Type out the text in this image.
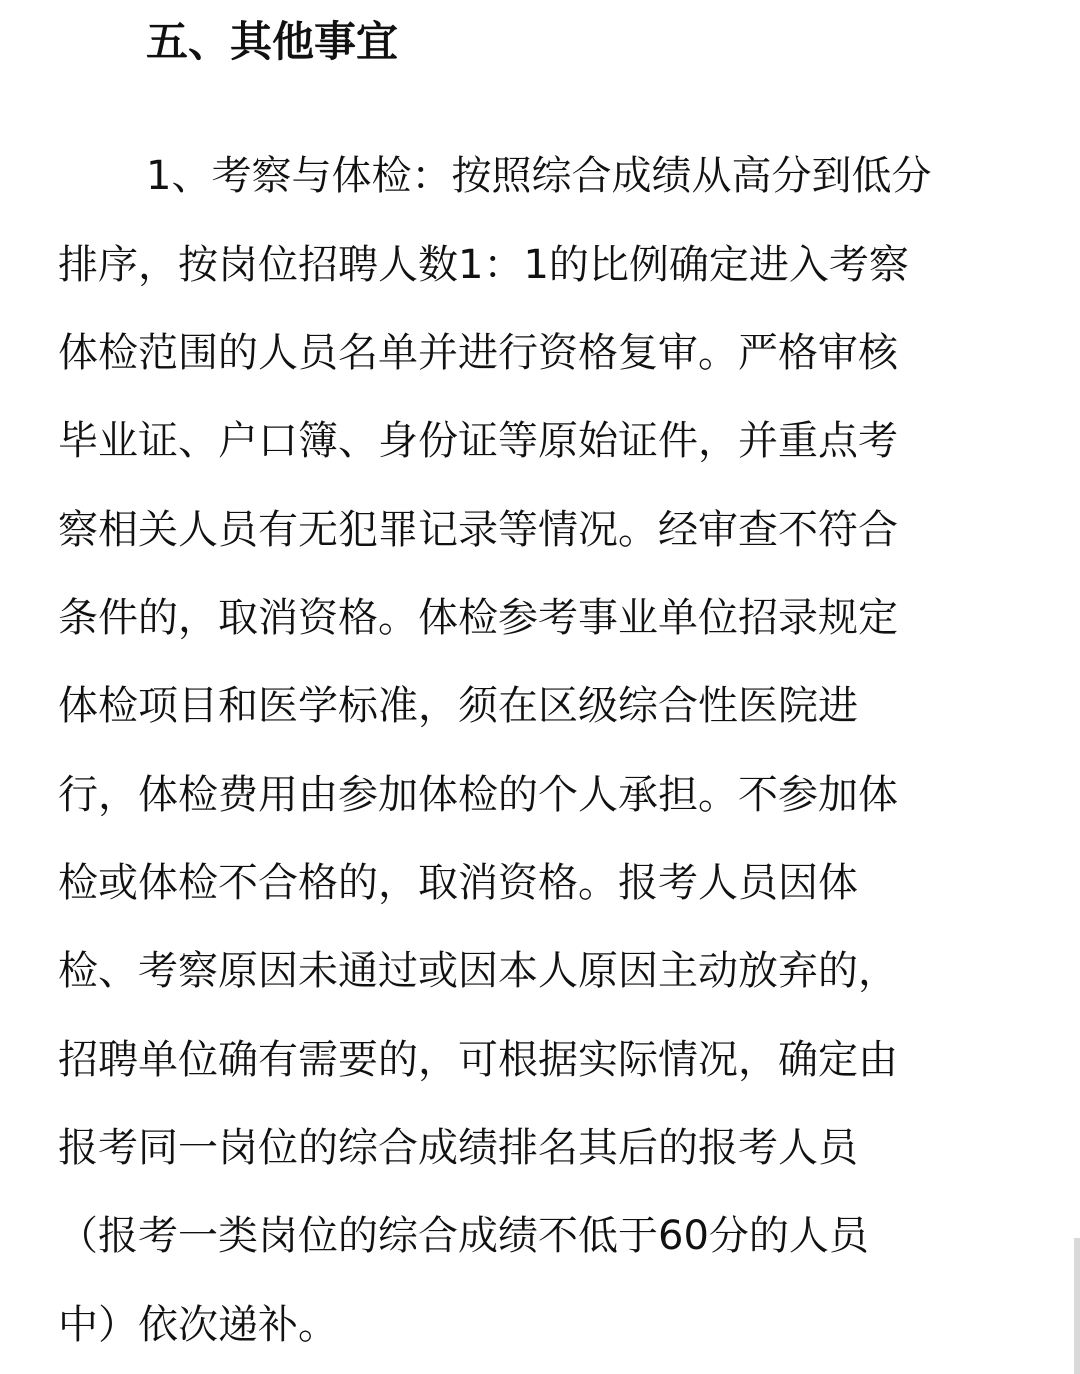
五、其他事宜

1、考察与体检：按照综合成绩从高分到低分

排序，按岗位招聘人数1：1的比例确定进入考察

体检范围的人员名单并进行资格复审。严格审核

毕业证、户口簿、身份证等原始证件，并重点考

察相关人员有无犯罪记录等情况。经审查不符合

条件的，取消资格。体检参考事业单位招录规定

体检项目和医学标准，须在区级综合性医院进

行，体检费用由参加体检的个人承担。不参加体

检或体检不合格的，取消资格。报考人员因体

检、考察原因未通过或因本人原因主动放弃的，

招聘单位确有需要的，可根据实际情况，确定由

报考同一岗位的综合成绩排名其后的报考人员

（报考一类岗位的综合成绩不低于60分的人员

中）依次递补。
